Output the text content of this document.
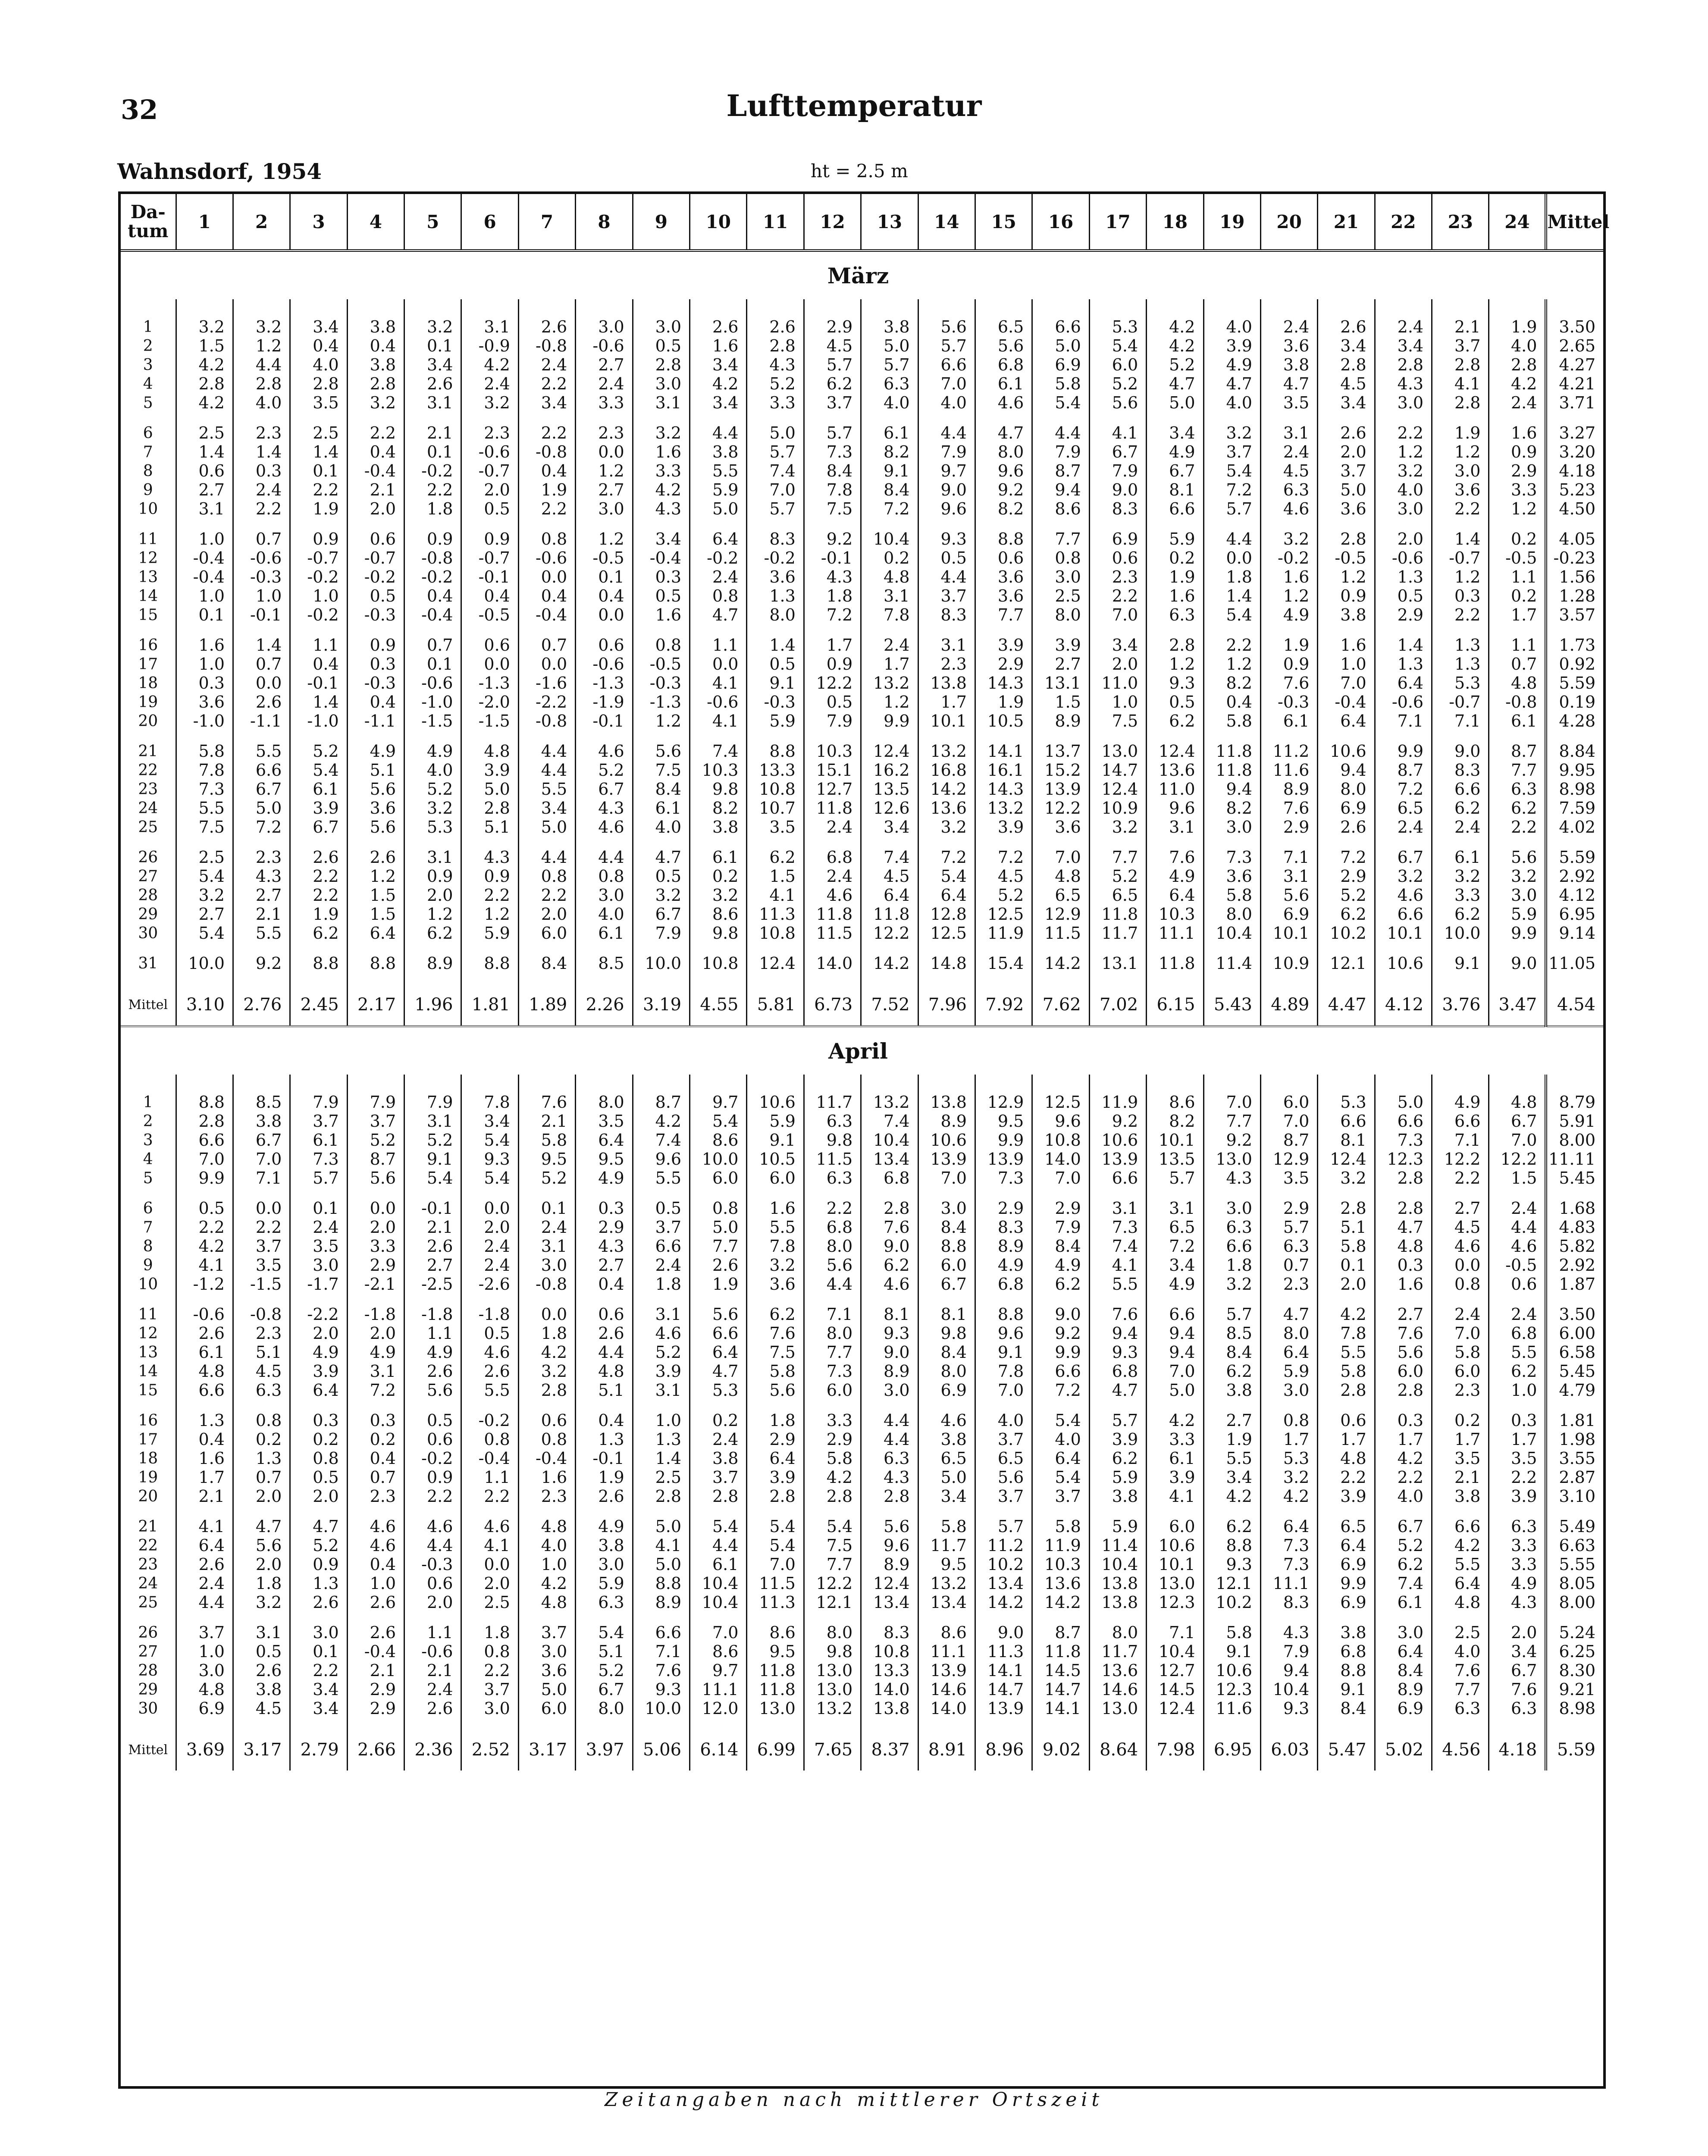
32	Lufttemperatur
Wahnsdorf, 1954	ht = 2.5 m
Da-
tum	1	2	3	4	5	6	7	8	9	10	11	12	13	14	15	16	17	18	19	20	21	22	23	24	Mittel
März																									

1	3.2	3.2	3.4	3.8	3.2	3.1	2.6	3.0	3.0	2.6	2.6	2.9	3.8	5.6	6.5	6.6	5.3	4.2	4.0	2.4	2.6	2.4	2.1	1.9	3.50
2	1.5	1.2	0.4	0.4	0.1	-0.9	-0.8	-0.6	0.5	1.6	2.8	4.5	5.0	5.7	5.6	5.0	5.4	4.2	3.9	3.6	3.4	3.4	3.7	4.0	2.65
3	4.2	4.4	4.0	3.8	3.4	4.2	2.4	2.7	2.8	3.4	4.3	5.7	5.7	6.6	6.8	6.9	6.0	5.2	4.9	3.8	2.8	2.8	2.8	2.8	4.27
4	2.8	2.8	2.8	2.8	2.6	2.4	2.2	2.4	3.0	4.2	5.2	6.2	6.3	7.0	6.1	5.8	5.2	4.7	4.7	4.7	4.5	4.3	4.1	4.2	4.21
5	4.2	4.0	3.5	3.2	3.1	3.2	3.4	3.3	3.1	3.4	3.3	3.7	4.0	4.0	4.6	5.4	5.6	5.0	4.0	3.5	3.4	3.0	2.8	2.4	3.71

6	2.5	2.3	2.5	2.2	2.1	2.3	2.2	2.3	3.2	4.4	5.0	5.7	6.1	4.4	4.7	4.4	4.1	3.4	3.2	3.1	2.6	2.2	1.9	1.6	3.27
7	1.4	1.4	1.4	0.4	0.1	-0.6	-0.8	0.0	1.6	3.8	5.7	7.3	8.2	7.9	8.0	7.9	6.7	4.9	3.7	2.4	2.0	1.2	1.2	0.9	3.20
8	0.6	0.3	0.1	-0.4	-0.2	-0.7	0.4	1.2	3.3	5.5	7.4	8.4	9.1	9.7	9.6	8.7	7.9	6.7	5.4	4.5	3.7	3.2	3.0	2.9	4.18
9	2.7	2.4	2.2	2.1	2.2	2.0	1.9	2.7	4.2	5.9	7.0	7.8	8.4	9.0	9.2	9.4	9.0	8.1	7.2	6.3	5.0	4.0	3.6	3.3	5.23
10	3.1	2.2	1.9	2.0	1.8	0.5	2.2	3.0	4.3	5.0	5.7	7.5	7.2	9.6	8.2	8.6	8.3	6.6	5.7	4.6	3.6	3.0	2.2	1.2	4.50

11	1.0	0.7	0.9	0.6	0.9	0.9	0.8	1.2	3.4	6.4	8.3	9.2	10.4	9.3	8.8	7.7	6.9	5.9	4.4	3.2	2.8	2.0	1.4	0.2	4.05
12	-0.4	-0.6	-0.7	-0.7	-0.8	-0.7	-0.6	-0.5	-0.4	-0.2	-0.2	-0.1	0.2	0.5	0.6	0.8	0.6	0.2	0.0	-0.2	-0.5	-0.6	-0.7	-0.5	-0.23
13	-0.4	-0.3	-0.2	-0.2	-0.2	-0.1	0.0	0.1	0.3	2.4	3.6	4.3	4.8	4.4	3.6	3.0	2.3	1.9	1.8	1.6	1.2	1.3	1.2	1.1	1.56
14	1.0	1.0	1.0	0.5	0.4	0.4	0.4	0.4	0.5	0.8	1.3	1.8	3.1	3.7	3.6	2.5	2.2	1.6	1.4	1.2	0.9	0.5	0.3	0.2	1.28
15	0.1	-0.1	-0.2	-0.3	-0.4	-0.5	-0.4	0.0	1.6	4.7	8.0	7.2	7.8	8.3	7.7	8.0	7.0	6.3	5.4	4.9	3.8	2.9	2.2	1.7	3.57

16	1.6	1.4	1.1	0.9	0.7	0.6	0.7	0.6	0.8	1.1	1.4	1.7	2.4	3.1	3.9	3.9	3.4	2.8	2.2	1.9	1.6	1.4	1.3	1.1	1.73
17	1.0	0.7	0.4	0.3	0.1	0.0	0.0	-0.6	-0.5	0.0	0.5	0.9	1.7	2.3	2.9	2.7	2.0	1.2	1.2	0.9	1.0	1.3	1.3	0.7	0.92
18	0.3	0.0	-0.1	-0.3	-0.6	-1.3	-1.6	-1.3	-0.3	4.1	9.1	12.2	13.2	13.8	14.3	13.1	11.0	9.3	8.2	7.6	7.0	6.4	5.3	4.8	5.59
19	3.6	2.6	1.4	0.4	-1.0	-2.0	-2.2	-1.9	-1.3	-0.6	-0.3	0.5	1.2	1.7	1.9	1.5	1.0	0.5	0.4	-0.3	-0.4	-0.6	-0.7	-0.8	0.19
20	-1.0	-1.1	-1.0	-1.1	-1.5	-1.5	-0.8	-0.1	1.2	4.1	5.9	7.9	9.9	10.1	10.5	8.9	7.5	6.2	5.8	6.1	6.4	7.1	7.1	6.1	4.28

21	5.8	5.5	5.2	4.9	4.9	4.8	4.4	4.6	5.6	7.4	8.8	10.3	12.4	13.2	14.1	13.7	13.0	12.4	11.8	11.2	10.6	9.9	9.0	8.7	8.84
22	7.8	6.6	5.4	5.1	4.0	3.9	4.4	5.2	7.5	10.3	13.3	15.1	16.2	16.8	16.1	15.2	14.7	13.6	11.8	11.6	9.4	8.7	8.3	7.7	9.95
23	7.3	6.7	6.1	5.6	5.2	5.0	5.5	6.7	8.4	9.8	10.8	12.7	13.5	14.2	14.3	13.9	12.4	11.0	9.4	8.9	8.0	7.2	6.6	6.3	8.98
24	5.5	5.0	3.9	3.6	3.2	2.8	3.4	4.3	6.1	8.2	10.7	11.8	12.6	13.6	13.2	12.2	10.9	9.6	8.2	7.6	6.9	6.5	6.2	6.2	7.59
25	7.5	7.2	6.7	5.6	5.3	5.1	5.0	4.6	4.0	3.8	3.5	2.4	3.4	3.2	3.9	3.6	3.2	3.1	3.0	2.9	2.6	2.4	2.4	2.2	4.02

26	2.5	2.3	2.6	2.6	3.1	4.3	4.4	4.4	4.7	6.1	6.2	6.8	7.4	7.2	7.2	7.0	7.7	7.6	7.3	7.1	7.2	6.7	6.1	5.6	5.59
27	5.4	4.3	2.2	1.2	0.9	0.9	0.8	0.8	0.5	0.2	1.5	2.4	4.5	5.4	4.5	4.8	5.2	4.9	3.6	3.1	2.9	3.2	3.2	3.2	2.92
28	3.2	2.7	2.2	1.5	2.0	2.2	2.2	3.0	3.2	3.2	4.1	4.6	6.4	6.4	5.2	6.5	6.5	6.4	5.8	5.6	5.2	4.6	3.3	3.0	4.12
29	2.7	2.1	1.9	1.5	1.2	1.2	2.0	4.0	6.7	8.6	11.3	11.8	11.8	12.8	12.5	12.9	11.8	10.3	8.0	6.9	6.2	6.6	6.2	5.9	6.95
30	5.4	5.5	6.2	6.4	6.2	5.9	6.0	6.1	7.9	9.8	10.8	11.5	12.2	12.5	11.9	11.5	11.7	11.1	10.4	10.1	10.2	10.1	10.0	9.9	9.14

31	10.0	9.2	8.8	8.8	8.9	8.8	8.4	8.5	10.0	10.8	12.4	14.0	14.2	14.8	15.4	14.2	13.1	11.8	11.4	10.9	12.1	10.6	9.1	9.0	11.05

Mittel	3.10	2.76	2.45	2.17	1.96	1.81	1.89	2.26	3.19	4.55	5.81	6.73	7.52	7.96	7.92	7.62	7.02	6.15	5.43	4.89	4.47	4.12	3.76	3.47	4.54
April																									

1	8.8	8.5	7.9	7.9	7.9	7.8	7.6	8.0	8.7	9.7	10.6	11.7	13.2	13.8	12.9	12.5	11.9	8.6	7.0	6.0	5.3	5.0	4.9	4.8	8.79
2	2.8	3.8	3.7	3.7	3.1	3.4	2.1	3.5	4.2	5.4	5.9	6.3	7.4	8.9	9.5	9.6	9.2	8.2	7.7	7.0	6.6	6.6	6.6	6.7	5.91
3	6.6	6.7	6.1	5.2	5.2	5.4	5.8	6.4	7.4	8.6	9.1	9.8	10.4	10.6	9.9	10.8	10.6	10.1	9.2	8.7	8.1	7.3	7.1	7.0	8.00
4	7.0	7.0	7.3	8.7	9.1	9.3	9.5	9.5	9.6	10.0	10.5	11.5	13.4	13.9	13.9	14.0	13.9	13.5	13.0	12.9	12.4	12.3	12.2	12.2	11.11
5	9.9	7.1	5.7	5.6	5.4	5.4	5.2	4.9	5.5	6.0	6.0	6.3	6.8	7.0	7.3	7.0	6.6	5.7	4.3	3.5	3.2	2.8	2.2	1.5	5.45

6	0.5	0.0	0.1	0.0	-0.1	0.0	0.1	0.3	0.5	0.8	1.6	2.2	2.8	3.0	2.9	2.9	3.1	3.1	3.0	2.9	2.8	2.8	2.7	2.4	1.68
7	2.2	2.2	2.4	2.0	2.1	2.0	2.4	2.9	3.7	5.0	5.5	6.8	7.6	8.4	8.3	7.9	7.3	6.5	6.3	5.7	5.1	4.7	4.5	4.4	4.83
8	4.2	3.7	3.5	3.3	2.6	2.4	3.1	4.3	6.6	7.7	7.8	8.0	9.0	8.8	8.9	8.4	7.4	7.2	6.6	6.3	5.8	4.8	4.6	4.6	5.82
9	4.1	3.5	3.0	2.9	2.7	2.4	3.0	2.7	2.4	2.6	3.2	5.6	6.2	6.0	4.9	4.9	4.1	3.4	1.8	0.7	0.1	0.3	0.0	-0.5	2.92
10	-1.2	-1.5	-1.7	-2.1	-2.5	-2.6	-0.8	0.4	1.8	1.9	3.6	4.4	4.6	6.7	6.8	6.2	5.5	4.9	3.2	2.3	2.0	1.6	0.8	0.6	1.87

11	-0.6	-0.8	-2.2	-1.8	-1.8	-1.8	0.0	0.6	3.1	5.6	6.2	7.1	8.1	8.1	8.8	9.0	7.6	6.6	5.7	4.7	4.2	2.7	2.4	2.4	3.50
12	2.6	2.3	2.0	2.0	1.1	0.5	1.8	2.6	4.6	6.6	7.6	8.0	9.3	9.8	9.6	9.2	9.4	9.4	8.5	8.0	7.8	7.6	7.0	6.8	6.00
13	6.1	5.1	4.9	4.9	4.9	4.6	4.2	4.4	5.2	6.4	7.5	7.7	9.0	8.4	9.1	9.9	9.3	9.4	8.4	6.4	5.5	5.6	5.8	5.5	6.58
14	4.8	4.5	3.9	3.1	2.6	2.6	3.2	4.8	3.9	4.7	5.8	7.3	8.9	8.0	7.8	6.6	6.8	7.0	6.2	5.9	5.8	6.0	6.0	6.2	5.45
15	6.6	6.3	6.4	7.2	5.6	5.5	2.8	5.1	3.1	5.3	5.6	6.0	3.0	6.9	7.0	7.2	4.7	5.0	3.8	3.0	2.8	2.8	2.3	1.0	4.79

16	1.3	0.8	0.3	0.3	0.5	-0.2	0.6	0.4	1.0	0.2	1.8	3.3	4.4	4.6	4.0	5.4	5.7	4.2	2.7	0.8	0.6	0.3	0.2	0.3	1.81
17	0.4	0.2	0.2	0.2	0.6	0.8	0.8	1.3	1.3	2.4	2.9	2.9	4.4	3.8	3.7	4.0	3.9	3.3	1.9	1.7	1.7	1.7	1.7	1.7	1.98
18	1.6	1.3	0.8	0.4	-0.2	-0.4	-0.4	-0.1	1.4	3.8	6.4	5.8	6.3	6.5	6.5	6.4	6.2	6.1	5.5	5.3	4.8	4.2	3.5	3.5	3.55
19	1.7	0.7	0.5	0.7	0.9	1.1	1.6	1.9	2.5	3.7	3.9	4.2	4.3	5.0	5.6	5.4	5.9	3.9	3.4	3.2	2.2	2.2	2.1	2.2	2.87
20	2.1	2.0	2.0	2.3	2.2	2.2	2.3	2.6	2.8	2.8	2.8	2.8	2.8	3.4	3.7	3.7	3.8	4.1	4.2	4.2	3.9	4.0	3.8	3.9	3.10

21	4.1	4.7	4.7	4.6	4.6	4.6	4.8	4.9	5.0	5.4	5.4	5.4	5.6	5.8	5.7	5.8	5.9	6.0	6.2	6.4	6.5	6.7	6.6	6.3	5.49
22	6.4	5.6	5.2	4.6	4.4	4.1	4.0	3.8	4.1	4.4	5.4	7.5	9.6	11.7	11.2	11.9	11.4	10.6	8.8	7.3	6.4	5.2	4.2	3.3	6.63
23	2.6	2.0	0.9	0.4	-0.3	0.0	1.0	3.0	5.0	6.1	7.0	7.7	8.9	9.5	10.2	10.3	10.4	10.1	9.3	7.3	6.9	6.2	5.5	3.3	5.55
24	2.4	1.8	1.3	1.0	0.6	2.0	4.2	5.9	8.8	10.4	11.5	12.2	12.4	13.2	13.4	13.6	13.8	13.0	12.1	11.1	9.9	7.4	6.4	4.9	8.05
25	4.4	3.2	2.6	2.6	2.0	2.5	4.8	6.3	8.9	10.4	11.3	12.1	13.4	13.4	14.2	14.2	13.8	12.3	10.2	8.3	6.9	6.1	4.8	4.3	8.00

26	3.7	3.1	3.0	2.6	1.1	1.8	3.7	5.4	6.6	7.0	8.6	8.0	8.3	8.6	9.0	8.7	8.0	7.1	5.8	4.3	3.8	3.0	2.5	2.0	5.24
27	1.0	0.5	0.1	-0.4	-0.6	0.8	3.0	5.1	7.1	8.6	9.5	9.8	10.8	11.1	11.3	11.8	11.7	10.4	9.1	7.9	6.8	6.4	4.0	3.4	6.25
28	3.0	2.6	2.2	2.1	2.1	2.2	3.6	5.2	7.6	9.7	11.8	13.0	13.3	13.9	14.1	14.5	13.6	12.7	10.6	9.4	8.8	8.4	7.6	6.7	8.30
29	4.8	3.8	3.4	2.9	2.4	3.7	5.0	6.7	9.3	11.1	11.8	13.0	14.0	14.6	14.7	14.7	14.6	14.5	12.3	10.4	9.1	8.9	7.7	7.6	9.21
30	6.9	4.5	3.4	2.9	2.6	3.0	6.0	8.0	10.0	12.0	13.0	13.2	13.8	14.0	13.9	14.1	13.0	12.4	11.6	9.3	8.4	6.9	6.3	6.3	8.98

Mittel	3.69	3.17	2.79	2.66	2.36	2.52	3.17	3.97	5.06	6.14	6.99	7.65	8.37	8.91	8.96	9.02	8.64	7.98	6.95	6.03	5.47	5.02	4.56	4.18	5.59
Zeitangaben nach mittlerer Ortszeit
